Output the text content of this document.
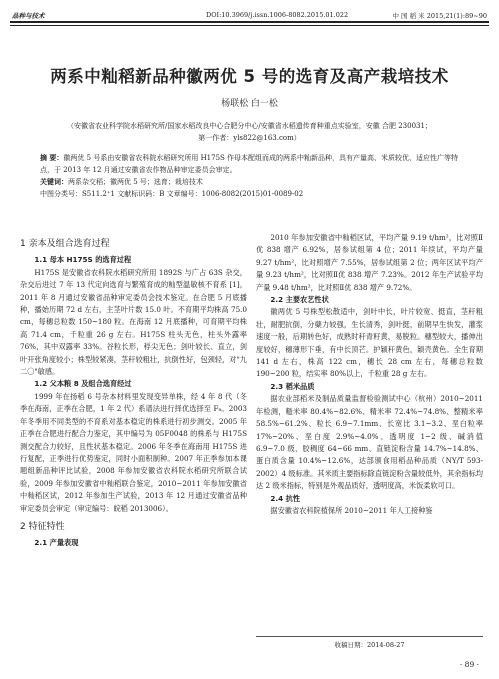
品种与技术	DOI:10.3969/j.issn.1006-8082.2015.01.022	中 国 稻 米 2015,21(1):89~90
两系中籼稻新品种徽两优 5 号的选育及高产栽培技术
杨联松 白一松
（安徽省农业科学院水稻研究所/国家水稻改良中心合肥分中心/安徽省水稻遗传育种重点实验室，安徽 合肥 230031；
第一作者：yls822@163.com）

摘 要：徽两优 5 号系由安徽省农科院水稻研究所用 H175S 作母本配组而成的两系中籼新品种，具有产量高、米质较优、适应性广等特点，于 2013 年 12 月通过安徽省农作物品种审定委员会审定。

关键词：两系杂交稻；徽两优 5 号；选育；栽培技术

中图分类号：S511.2⁺1 文献标识码：B 文章编号：1006-8082(2015)01-0089-02

1 亲本及组合选育过程

1.1 母本 H175S 的选育过程

H175S 是安徽省农科院水稻研究所用 1892S 与广占 63S 杂交，杂交后进过 7 年 13 代定向选育与繁殖育成的籼型温敏核不育系 [1]，2011 年 8 月通过安徽省品种审定委员会技术鉴定。在合肥 5 月底播种，播始历期 72 d 左右，主茎叶片数 15.0 叶。不育期平均株高 75.0 cm，每穗总粒数 150~180 粒。在海南 12 月底播种，可育期平均株高 71.4 cm，千粒重 26 g 左右。H175S 柱头无色，柱头外露率 76%，其中双露率 33%。谷粒长形，稃尖无色；剑叶较长、直立，剑叶开张角度较小；株型较紧凑，茎秆较粗壮，抗倒性好，包颈轻，对"九二〇"敏感。

1.2 父本粮 8 及组合选育经过

1999 年在扬稻 6 号杂本材料里发现变异单株，经 4 年 8 代（冬季在海南，正季在合肥，1 年 2 代）系谱法进行择优选择至 F₈。2003 年冬季用不同类型的不育系对基本稳定的株系进行初步测交。2005 年正季在合肥进行配合力鉴定，其中编号为 05F0048 的株系与 H175S 测交配合力较好，且性状基本稳定。2006 年冬季在海南用 H175S 进行复配，正季进行优势鉴定，同时小面积制种。2007 年正季参加本课题组新品种评比试验，2008 年参加安徽省农科院水稻研究所联合试验，2009 年参加安徽省中籼稻联合鉴定，2010~2011 年参加安徽省中籼稻区试，2012 年参加生产试验，2013 年 12 月通过安徽省品种审定委员会审定（审定编号：皖稻 2013006）。

2 特征特性

2.1 产量表现

2010 年参加安徽省中籼稻区试，平均产量 9.19 t/hm²，比对照Ⅱ优 838 增产 6.92%，居参试组第 4 位；2011 年续试，平均产量 9.27 t/hm²，比对照增产 7.55%，居参试组第 2 位；两年区试平均产量 9.23 t/hm²，比对照Ⅱ优 838 增产 7.23%。2012 年生产试验平均产量 9.48 t/hm²，比对照Ⅱ优 838 增产 9.72%。

2.2 主要农艺性状

徽两优 5 号株型松散适中，剑叶中长，叶片较宽、挺直，茎秆粗壮，耐肥抗倒，分蘖力较强，生长清秀，剑叶挺，前期早生快发，灌浆速度一般，后期转色好，成熟时秆青籽黄，易脱粒。穗型较大，播伸出度较好，穗薄形下垂，有中长顶芒。护颖秆黄色，颖壳黄色。全生育期 141 d 左右，株高 122 cm，穗长 28 cm 左右，每穗总粒数 190~200 粒，结实率 80%以上，千粒重 28 g 左右。

2.3 稻米品质

据农业部稻米及制品质量监督检验测试中心（杭州）2010~2011 年检测，糙米率 80.4%~82.6%、精米率 72.4%~74.8%、整精米率 58.5%~61.2%、粒长 6.9~7.1mm、长宽比 3.1~3.2、垩白粒率 17%~20%、垩白度 2.9%~4.0%、透明度 1~2 级、碱消值 6.9~7.0 级、胶稠度 64~66 mm、直链淀粉含量 14.7%~14.8%、蛋白质含量 10.4%~12.6%，达部颁食用稻品种品质（NY/T 593-2002）4 级标准。其米质主要指标除直链淀粉含量较低外，其余指标均达 2 级米指标，特别是外观品质好，透明度高，米饭柔软可口。

2.4 抗性

据安徽省农科院植保所 2010~2011 年人工接种鉴

收稿日期：2014-08-27
· 89 ·
